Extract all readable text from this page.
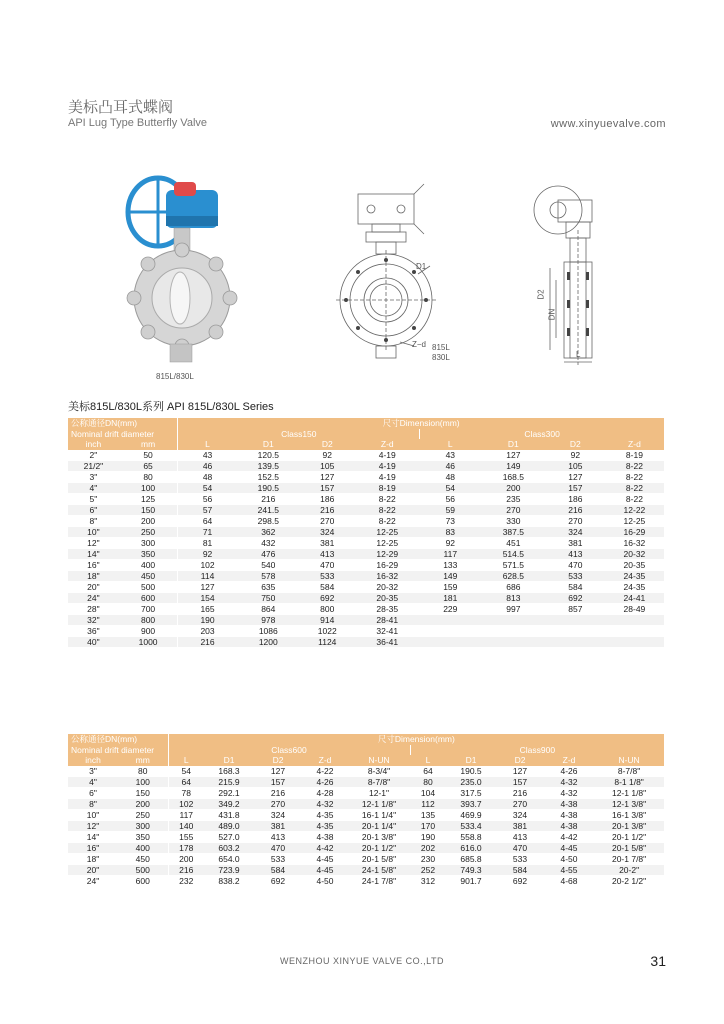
美标凸耳式蝶阀
API Lug Type Butterfly Valve	www.xinyuevalve.com
815L/830L
D1
Z−d 815L
830L
D2
DN
L
美标815L/830L系列 API 815L/830L Series
公称通径DN(mm)		尺寸Dimension(mm)							
Nominal drift diameter		Class150				Class300			
inch	mm	L	D1	D2	Z-d	L	D1	D2	Z-d
2"	50	43	120.5	92	4-19	43	127	92	8-19
21/2"	65	46	139.5	105	4-19	46	149	105	8-22
3"	80	48	152.5	127	4-19	48	168.5	127	8-22
4"	100	54	190.5	157	8-19	54	200	157	8-22
5"	125	56	216	186	8-22	56	235	186	8-22
6"	150	57	241.5	216	8-22	59	270	216	12-22
8"	200	64	298.5	270	8-22	73	330	270	12-25
10"	250	71	362	324	12-25	83	387.5	324	16-29
12"	300	81	432	381	12-25	92	451	381	16-32
14"	350	92	476	413	12-29	117	514.5	413	20-32
16"	400	102	540	470	16-29	133	571.5	470	20-35
18"	450	114	578	533	16-32	149	628.5	533	24-35
20"	500	127	635	584	20-32	159	686	584	24-35
24"	600	154	750	692	20-35	181	813	692	24-41
28"	700	165	864	800	28-35	229	997	857	28-49
32"	800	190	978	914	28-41				
36"	900	203	1086	1022	32-41				
40"	1000	216	1200	1124	36-41				
公称通径DN(mm)		尺寸Dimension(mm)									
Nominal drift diameter		Class600					Class900				
inch	mm	L	D1	D2	Z-d	N-UN	L	D1	D2	Z-d	N-UN
3"	80	54	168.3	127	4-22	8-3/4"	64	190.5	127	4-26	8-7/8"
4"	100	64	215.9	157	4-26	8-7/8"	80	235.0	157	4-32	8-1 1/8"
6"	150	78	292.1	216	4-28	12-1"	104	317.5	216	4-32	12-1 1/8"
8"	200	102	349.2	270	4-32	12-1 1/8"	112	393.7	270	4-38	12-1 3/8"
10"	250	117	431.8	324	4-35	16-1 1/4"	135	469.9	324	4-38	16-1 3/8"
12"	300	140	489.0	381	4-35	20-1 1/4"	170	533.4	381	4-38	20-1 3/8"
14"	350	155	527.0	413	4-38	20-1 3/8"	190	558.8	413	4-42	20-1 1/2"
16"	400	178	603.2	470	4-42	20-1 1/2"	202	616.0	470	4-45	20-1 5/8"
18"	450	200	654.0	533	4-45	20-1 5/8"	230	685.8	533	4-50	20-1 7/8"
20"	500	216	723.9	584	4-45	24-1 5/8"	252	749.3	584	4-55	20-2"
24"	600	232	838.2	692	4-50	24-1 7/8"	312	901.7	692	4-68	20-2 1/2"
WENZHOU XINYUE VALVE CO.,LTD	31
